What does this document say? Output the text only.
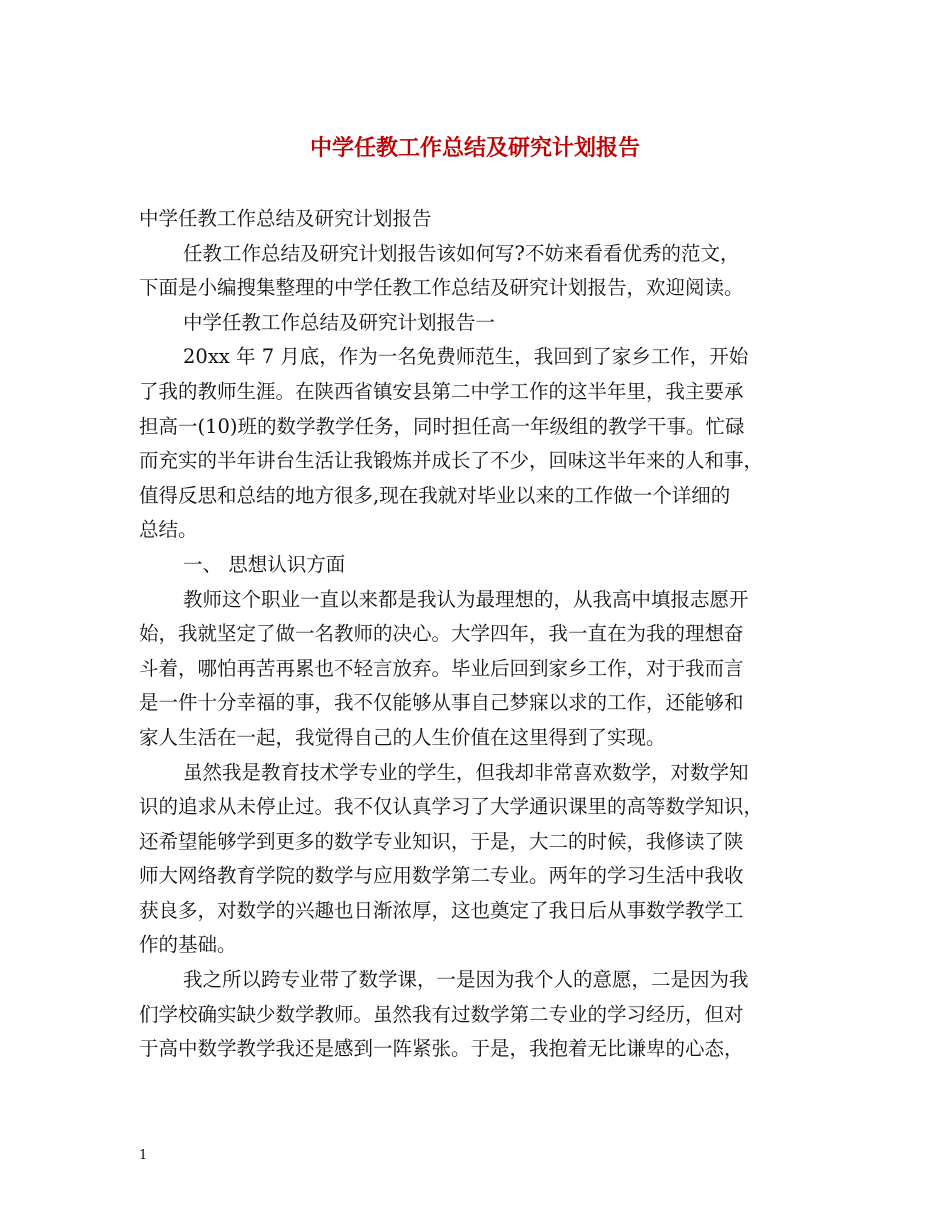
中学任教工作总结及研究计划报告
中学任教工作总结及研究计划报告
任教工作总结及研究计划报告该如何写?不妨来看看优秀的范文，
下面是小编搜集整理的中学任教工作总结及研究计划报告，欢迎阅读。
中学任教工作总结及研究计划报告一
20xx 年 7 月底，作为一名免费师范生，我回到了家乡工作，开始
了我的教师生涯。在陕西省镇安县第二中学工作的这半年里，我主要承
担高一(10)班的数学教学任务，同时担任高一年级组的教学干事。忙碌
而充实的半年讲台生活让我锻炼并成长了不少，回味这半年来的人和事，
值得反思和总结的地方很多,现在我就对毕业以来的工作做一个详细的
总结。
一、 思想认识方面
教师这个职业一直以来都是我认为最理想的，从我高中填报志愿开
始，我就坚定了做一名教师的决心。大学四年，我一直在为我的理想奋
斗着，哪怕再苦再累也不轻言放弃。毕业后回到家乡工作，对于我而言
是一件十分幸福的事，我不仅能够从事自己梦寐以求的工作，还能够和
家人生活在一起，我觉得自己的人生价值在这里得到了实现。
虽然我是教育技术学专业的学生，但我却非常喜欢数学，对数学知
识的追求从未停止过。我不仅认真学习了大学通识课里的高等数学知识，
还希望能够学到更多的数学专业知识，于是，大二的时候，我修读了陕
师大网络教育学院的数学与应用数学第二专业。两年的学习生活中我收
获良多，对数学的兴趣也日渐浓厚，这也奠定了我日后从事数学教学工
作的基础。
我之所以跨专业带了数学课，一是因为我个人的意愿，二是因为我
们学校确实缺少数学教师。虽然我有过数学第二专业的学习经历，但对
于高中数学教学我还是感到一阵紧张。于是，我抱着无比谦卑的心态，
1
